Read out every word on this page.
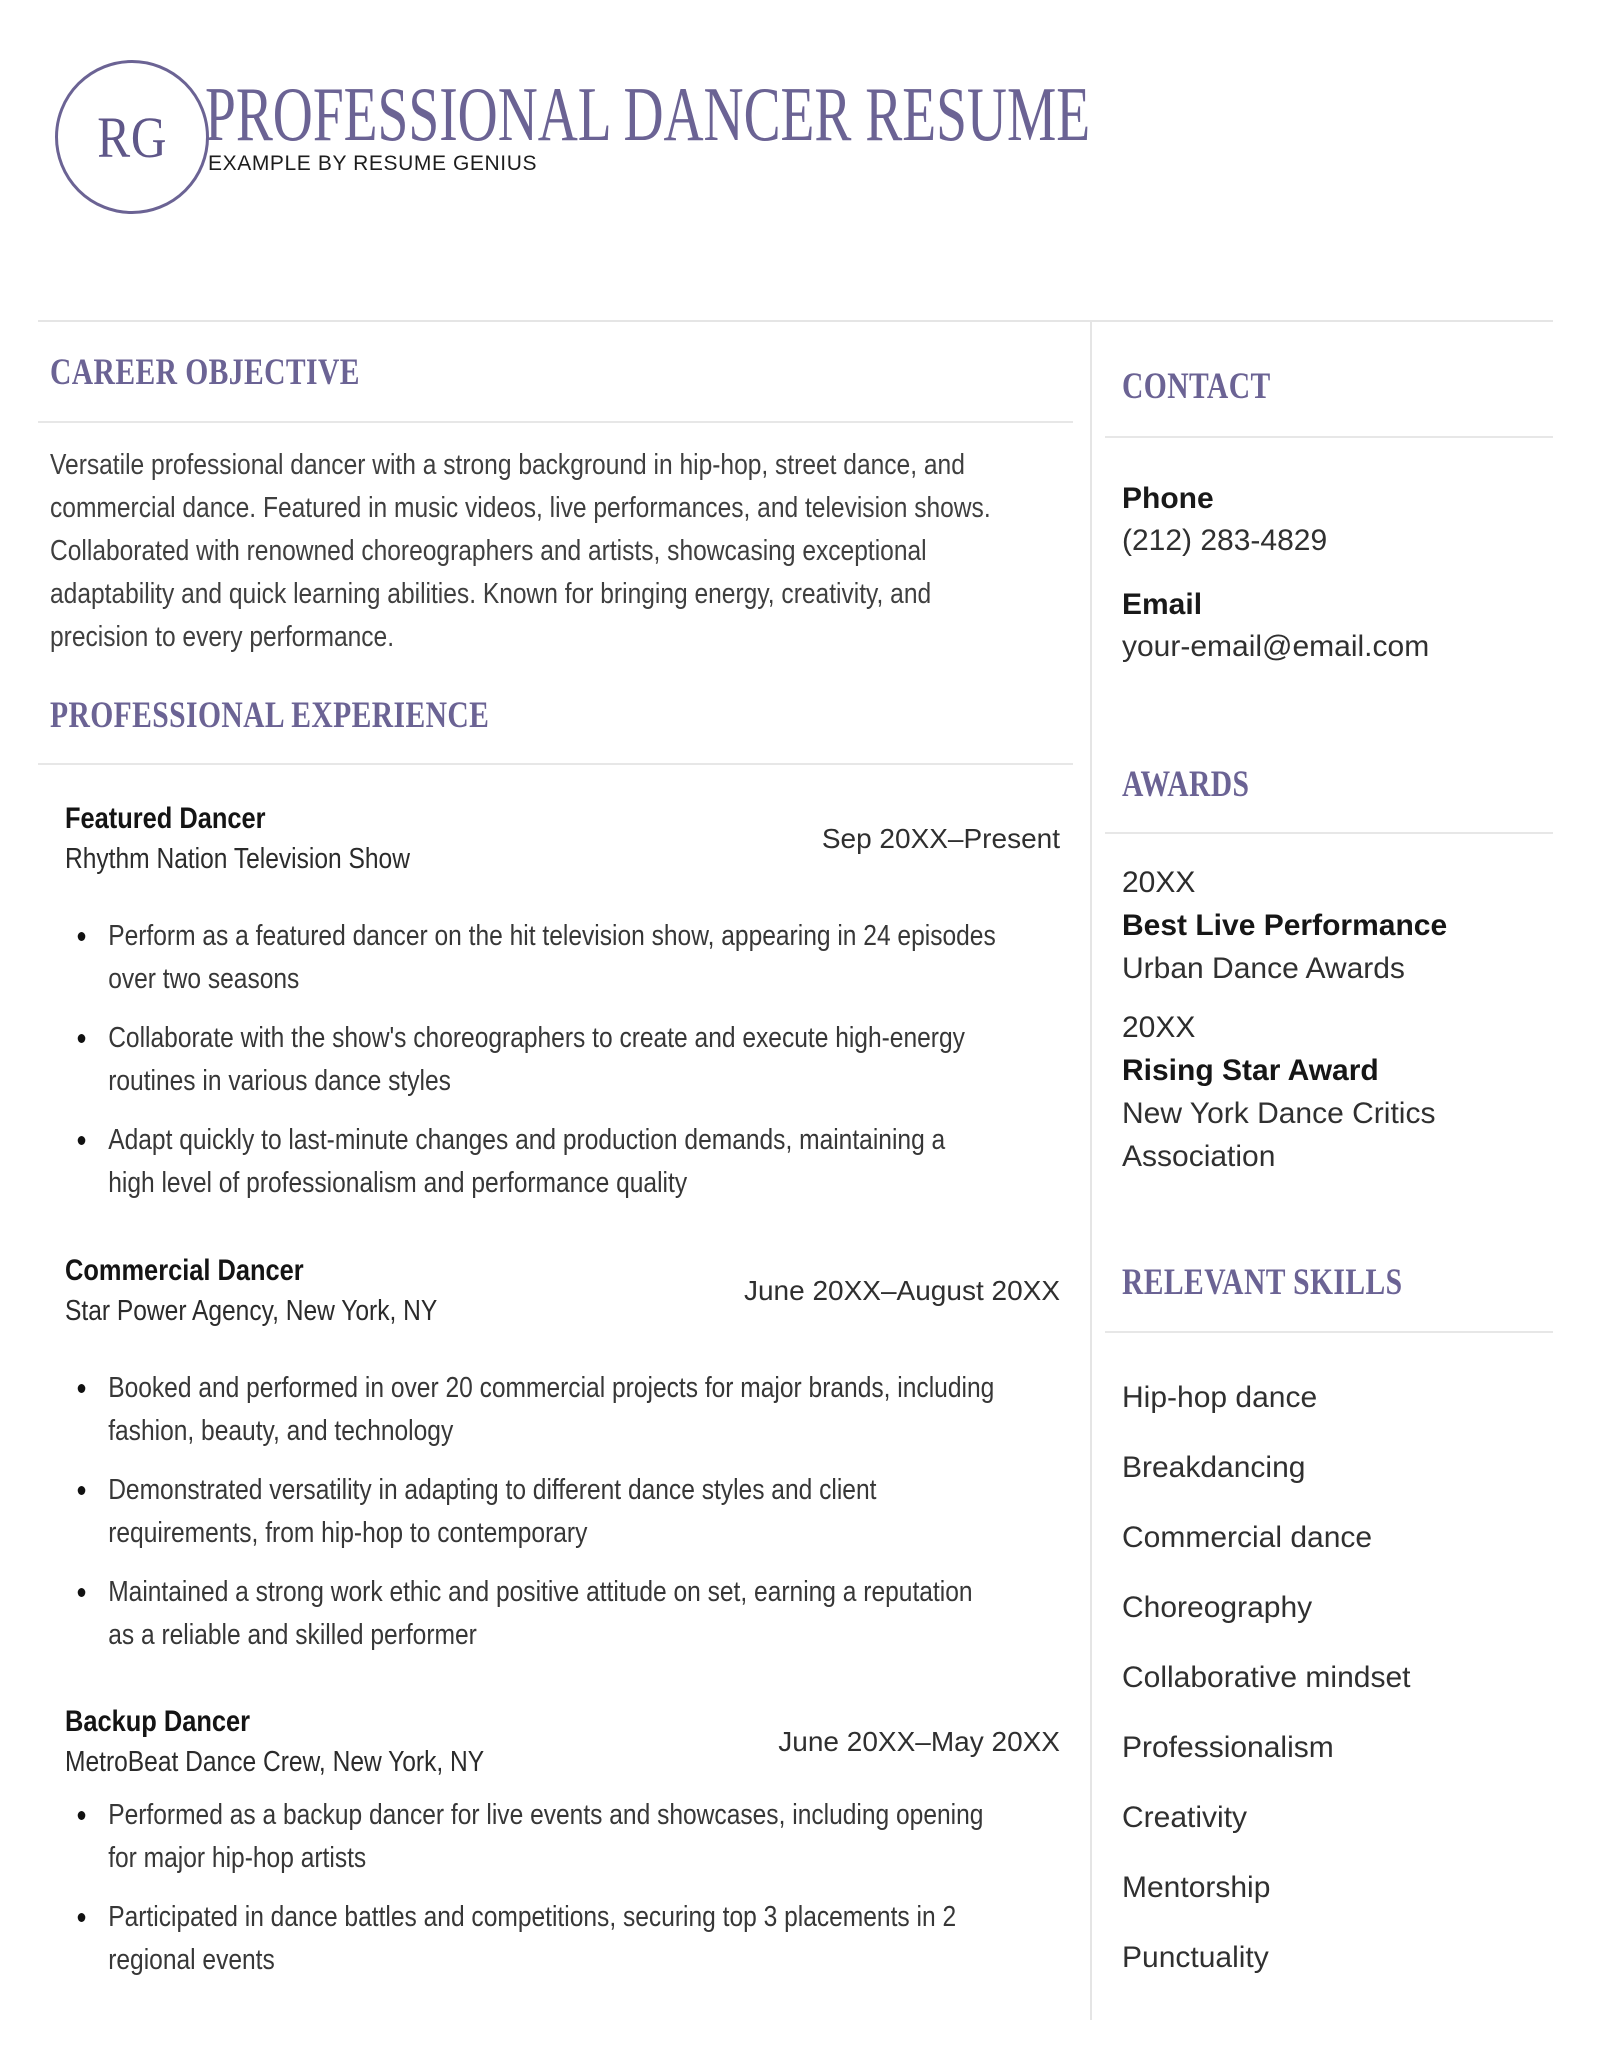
RG PROFESSIONAL DANCER RESUME
EXAMPLE BY RESUME GENIUS
CAREER OBJECTIVE
Versatile professional dancer with a strong background in hip-hop, street dance, and commercial dance. Featured in music videos, live performances, and television shows. Collaborated with renowned choreographers and artists, showcasing exceptional adaptability and quick learning abilities. Known for bringing energy, creativity, and precision to every performance.
PROFESSIONAL EXPERIENCE
Sep 20XX–Present
Featured Dancer
Rhythm Nation Television Show
Perform as a featured dancer on the hit television show, appearing in 24 episodes over two seasons
Collaborate with the show's choreographers to create and execute high-energy routines in various dance styles
Adapt quickly to last-minute changes and production demands, maintaining a high level of professionalism and performance quality
June 20XX–August 20XX
Commercial Dancer
Star Power Agency, New York, NY
Booked and performed in over 20 commercial projects for major brands, including fashion, beauty, and technology
Demonstrated versatility in adapting to different dance styles and client requirements, from hip-hop to contemporary
Maintained a strong work ethic and positive attitude on set, earning a reputation as a reliable and skilled performer
June 20XX–May 20XX
Backup Dancer
MetroBeat Dance Crew, New York, NY
Performed as a backup dancer for live events and showcases, including opening for major hip-hop artists
Participated in dance battles and competitions, securing top 3 placements in 2 regional events
CONTACT
Phone
(212) 283-4829
Email
your-email@email.com
AWARDS
20XX
Best Live Performance
Urban Dance Awards
20XX
Rising Star Award
New York Dance Critics Association
RELEVANT SKILLS
Hip-hop dance
Breakdancing
Commercial dance
Choreography
Collaborative mindset
Professionalism
Creativity
Mentorship
Punctuality
